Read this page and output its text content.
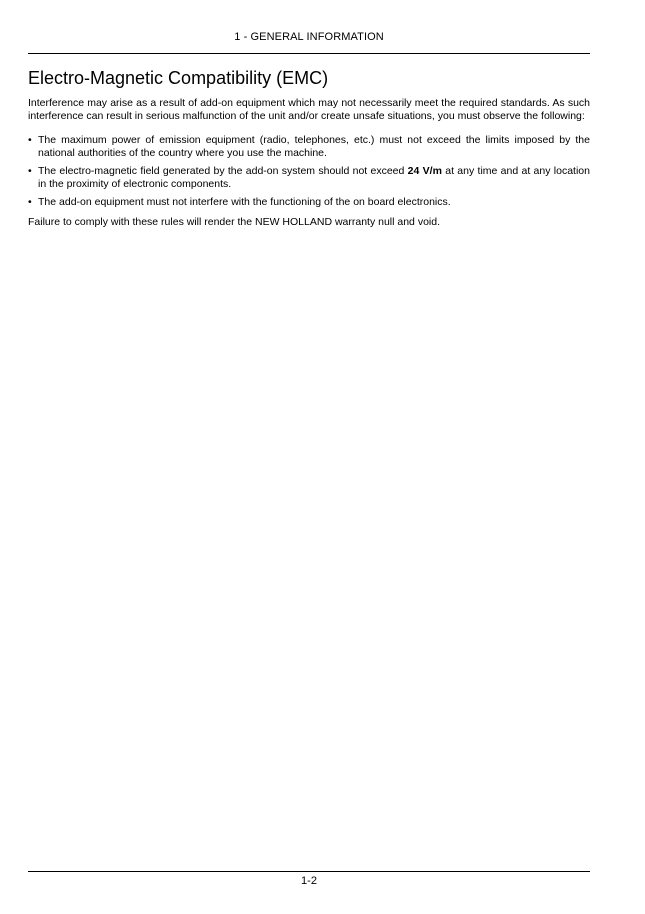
1 - GENERAL INFORMATION
Electro-Magnetic Compatibility (EMC)

Interference may arise as a result of add-on equipment which may not necessarily meet the required standards. As such interference can result in serious malfunction of the unit and/or create unsafe situations, you must observe the following:

• The maximum power of emission equipment (radio, telephones, etc.) must not exceed the limits imposed by the national authorities of the country where you use the machine.
• The electro-magnetic field generated by the add-on system should not exceed 24 V/m at any time and at any location in the proximity of electronic components.
• The add-on equipment must not interfere with the functioning of the on board electronics.

Failure to comply with these rules will render the NEW HOLLAND warranty null and void.

1-2
